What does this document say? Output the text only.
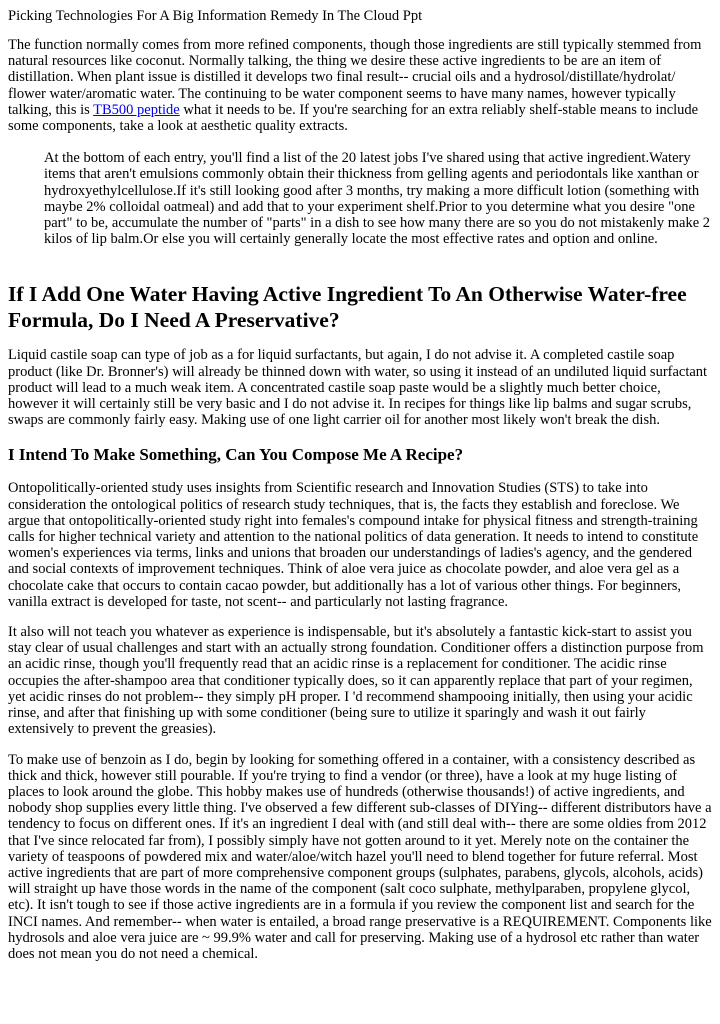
Picking Technologies For A Big Information Remedy In The Cloud Ppt

The function normally comes from more refined components, though those ingredients are still typically stemmed from natural resources like coconut. Normally talking, the thing we desire these active ingredients to be are an item of distillation. When plant issue is distilled it develops two final result-- crucial oils and a hydrosol/distillate/hydrolat/ flower water/aromatic water. The continuing to be water component seems to have many names, however typically talking, this is TB500 peptide what it needs to be. If you're searching for an extra reliably shelf-stable means to include some components, take a look at aesthetic quality extracts.

At the bottom of each entry, you'll find a list of the 20 latest jobs I've shared using that active ingredient.Watery items that aren't emulsions commonly obtain their thickness from gelling agents and periodontals like xanthan or hydroxyethylcellulose.If it's still looking good after 3 months, try making a more difficult lotion (something with maybe 2% colloidal oatmeal) and add that to your experiment shelf.Prior to you determine what you desire "one part" to be, accumulate the number of "parts" in a dish to see how many there are so you do not mistakenly make 2 kilos of lip balm.Or else you will certainly generally locate the most effective rates and option and online.
If I Add One Water Having Active Ingredient To An Otherwise Water-free Formula, Do I Need A Preservative?

Liquid castile soap can type of job as a for liquid surfactants, but again, I do not advise it. A completed castile soap product (like Dr. Bronner's) will already be thinned down with water, so using it instead of an undiluted liquid surfactant product will lead to a much weak item. A concentrated castile soap paste would be a slightly much better choice, however it will certainly still be very basic and I do not advise it. In recipes for things like lip balms and sugar scrubs, swaps are commonly fairly easy. Making use of one light carrier oil for another most likely won't break the dish.

I Intend To Make Something, Can You Compose Me A Recipe?

Ontopolitically-oriented study uses insights from Scientific research and Innovation Studies (STS) to take into consideration the ontological politics of research study techniques, that is, the facts they establish and foreclose. We argue that ontopolitically-oriented study right into females's compound intake for physical fitness and strength-training calls for higher technical variety and attention to the national politics of data generation. It needs to intend to constitute women's experiences via terms, links and unions that broaden our understandings of ladies's agency, and the gendered and social contexts of improvement techniques. Think of aloe vera juice as chocolate powder, and aloe vera gel as a chocolate cake that occurs to contain cacao powder, but additionally has a lot of various other things. For beginners, vanilla extract is developed for taste, not scent-- and particularly not lasting fragrance.

It also will not teach you whatever as experience is indispensable, but it's absolutely a fantastic kick-start to assist you stay clear of usual challenges and start with an actually strong foundation. Conditioner offers a distinction purpose from an acidic rinse, though you'll frequently read that an acidic rinse is a replacement for conditioner. The acidic rinse occupies the after-shampoo area that conditioner typically does, so it can apparently replace that part of your regimen, yet acidic rinses do not problem-- they simply pH proper. I 'd recommend shampooing initially, then using your acidic rinse, and after that finishing up with some conditioner (being sure to utilize it sparingly and wash it out fairly extensively to prevent the greasies).

To make use of benzoin as I do, begin by looking for something offered in a container, with a consistency described as thick and thick, however still pourable. If you're trying to find a vendor (or three), have a look at my huge listing of places to look around the globe. This hobby makes use of hundreds (otherwise thousands!) of active ingredients, and nobody shop supplies every little thing. I've observed a few different sub-classes of DIYing-- different distributors have a tendency to focus on different ones. If it's an ingredient I deal with (and still deal with-- there are some oldies from 2012 that I've since relocated far from), I possibly simply have not gotten around to it yet. Merely note on the container the variety of teaspoons of powdered mix and water/aloe/witch hazel you'll need to blend together for future referral. Most active ingredients that are part of more comprehensive component groups (sulphates, parabens, glycols, alcohols, acids) will straight up have those words in the name of the component (salt coco sulphate, methylparaben, propylene glycol, etc). It isn't tough to see if those active ingredients are in a formula if you review the component list and search for the INCI names. And remember-- when water is entailed, a broad range preservative is a REQUIREMENT. Components like hydrosols and aloe vera juice are ~ 99.9% water and call for preserving. Making use of a hydrosol etc rather than water does not mean you do not need a chemical.
